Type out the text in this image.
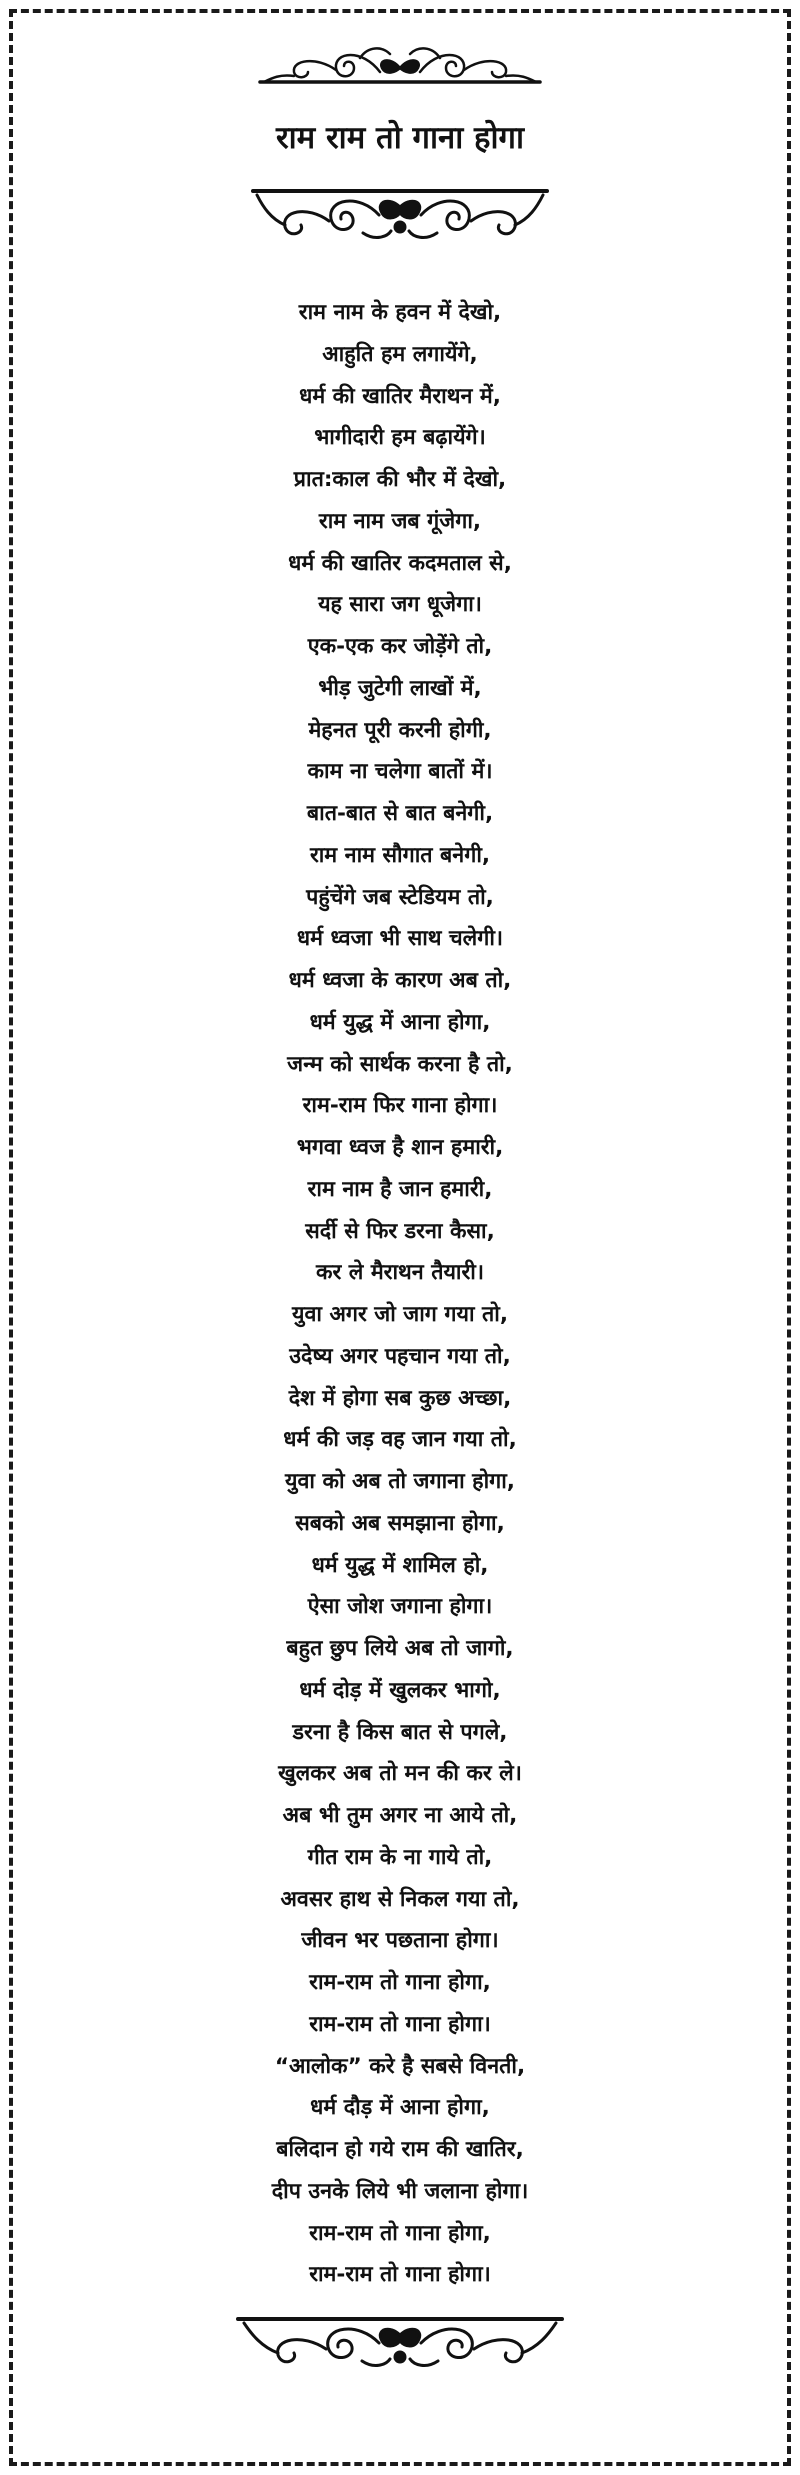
राम राम तो गाना होगा
राम नाम के हवन में देखो,
आहुति हम लगायेंगे,
धर्म की खातिर मैराथन में,
भागीदारी हम बढ़ायेंगे।
प्रात:काल की भौर में देखो,
राम नाम जब गूंजेगा,
धर्म की खातिर कदमताल से,
यह सारा जग धूजेगा।
एक-एक कर जोड़ेंगे तो,
भीड़ जुटेगी लाखों में,
मेहनत पूरी करनी होगी,
काम ना चलेगा बातों में।
बात-बात से बात बनेगी,
राम नाम सौगात बनेगी,
पहुंचेंगे जब स्टेडियम तो,
धर्म ध्वजा भी साथ चलेगी।
धर्म ध्वजा के कारण अब तो,
धर्म युद्ध में आना होगा,
जन्म को सार्थक करना है तो,
राम-राम फिर गाना होगा।
भगवा ध्वज है शान हमारी,
राम नाम है जान हमारी,
सर्दी से फिर डरना कैसा,
कर ले मैराथन तैयारी।
युवा अगर जो जाग गया तो,
उदेष्य अगर पहचान गया तो,
देश में होगा सब कुछ अच्छा,
धर्म की जड़ वह जान गया तो,
युवा को अब तो जगाना होगा,
सबको अब समझाना होगा,
धर्म युद्ध में शामिल हो,
ऐसा जोश जगाना होगा।
बहुत छुप लिये अब तो जागो,
धर्म दोड़ में खुलकर भागो,
डरना है किस बात से पगले,
खुलकर अब तो मन की कर ले।
अब भी तुम अगर ना आये तो,
गीत राम के ना गाये तो,
अवसर हाथ से निकल गया तो,
जीवन भर पछताना होगा।
राम-राम तो गाना होगा,
राम-राम तो गाना होगा।
“आलोक” करे है सबसे विनती,
धर्म दौड़ में आना होगा,
बलिदान हो गये राम की खातिर,
दीप उनके लिये भी जलाना होगा।
राम-राम तो गाना होगा,
राम-राम तो गाना होगा।
